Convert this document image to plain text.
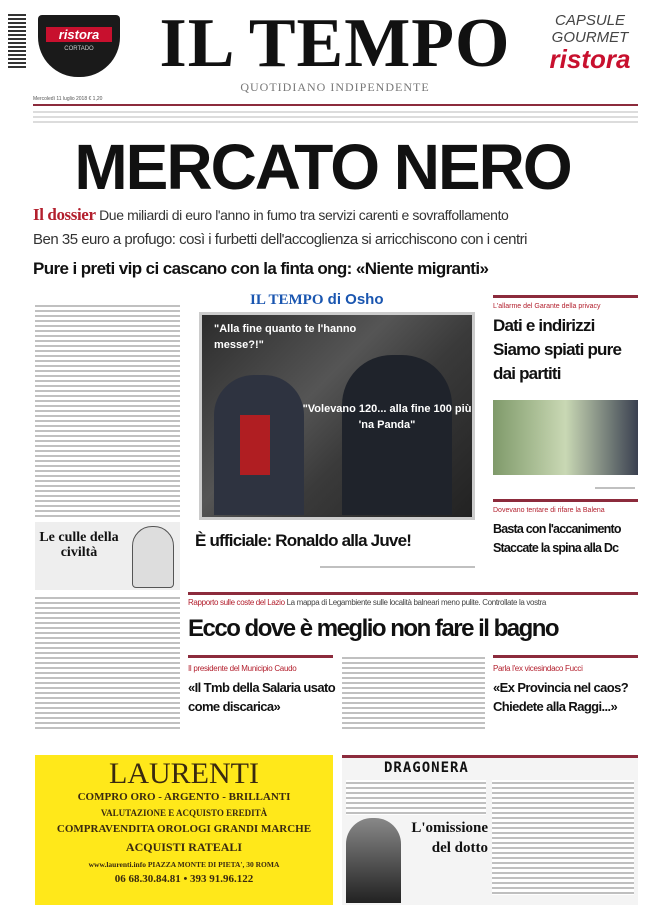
ristora
CORTADO IL TEMPO
QUOTIDIANO INDIPENDENTE
CAPSULE
GOURMET
ristora
Mercoledì 11 luglio 2018 € 1,20
MERCATO NERO
Il dossier Due miliardi di euro l'anno in fumo tra servizi carenti e sovraffollamento
Ben 35 euro a profugo: così i furbetti dell'accoglienza si arricchiscono con i centri
Pure i preti vip ci cascano con la finta ong: «Niente migranti»
Le culle della civiltà
IL TEMPO di Osho
"Alla fine quanto te l'hanno messe?!"
"Volevano 120... alla fine 100 più 'na Panda"
È ufficiale: Ronaldo alla Juve!
L'allarme del Garante della privacy
Dati e indirizzi Siamo spiati pure dai partiti
Dovevano tentare di rifare la Balena
Basta con l'accanimento Staccate la spina alla Dc
Rapporto sulle coste del Lazio La mappa di Legambiente sulle località balneari meno pulite. Controllate la vostra
Ecco dove è meglio non fare il bagno
Il presidente del Municipio Caudo
«Il Tmb della Salaria usato come discarica»
Parla l'ex vicesindaco Fucci
«Ex Provincia nel caos? Chiedete alla Raggi...»
LAURENTI
COMPRO ORO - ARGENTO - BRILLANTI
VALUTAZIONE E ACQUISTO EREDITÀ
COMPRAVENDITA OROLOGI GRANDI MARCHE
ACQUISTI RATEALI
www.laurenti.info PIAZZA MONTE DI PIETA', 30 ROMA
06 68.30.84.81 • 393 91.96.122
DRAGONERA
L'omissione del dotto
